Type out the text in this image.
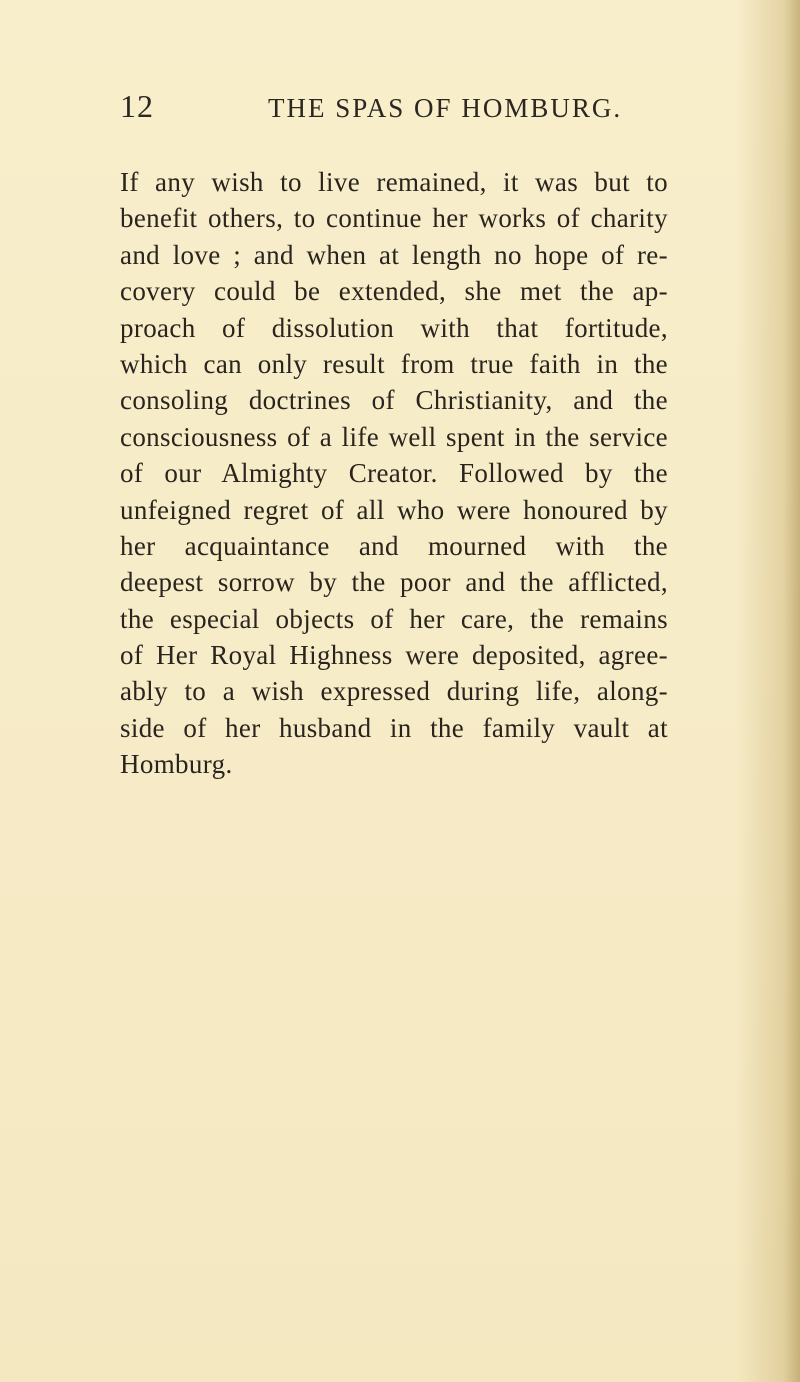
12	THE SPAS OF HOMBURG.
If any wish to live remained, it was but to
benefit others, to continue her works of charity
and love ; and when at length no hope of re-
covery could be extended, she met the ap-
proach of dissolution with that fortitude,
which can only result from true faith in the
consoling doctrines of Christianity, and the
consciousness of a life well spent in the service
of our Almighty Creator. Followed by the
unfeigned regret of all who were honoured by
her acquaintance and mourned with the
deepest sorrow by the poor and the afflicted,
the especial objects of her care, the remains
of Her Royal Highness were deposited, agree-
ably to a wish expressed during life, along-
side of her husband in the family vault at
Homburg.
